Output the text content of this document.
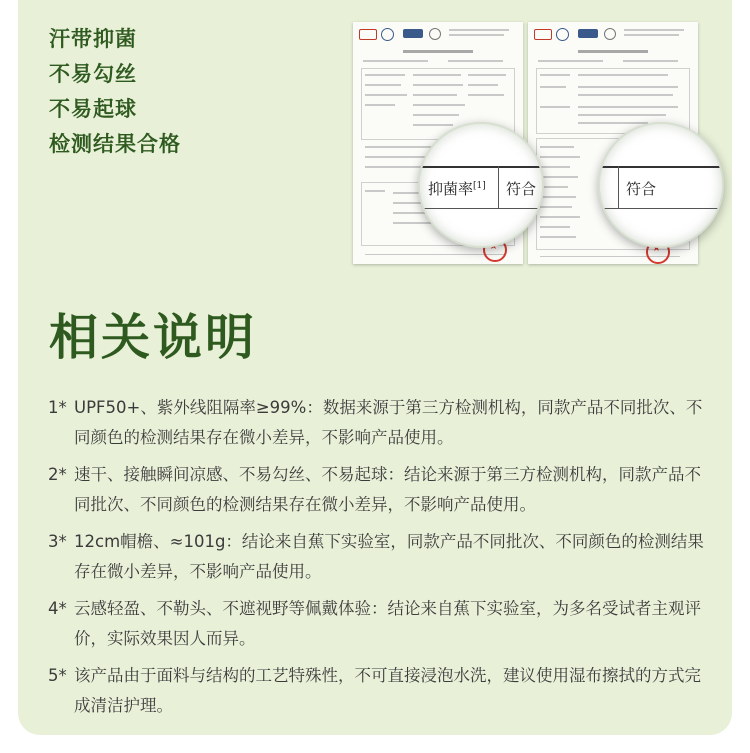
汗带抑菌
不易勾丝
不易起球
检测结果合格
★
★
抑菌率[1] 符合	符合
相关说明
1* UPF50+、紫外线阻隔率≥99%：数据来源于第三方检测机构，同款产品不同批次、不同颜色的检测结果存在微小差异，不影响产品使用。
2* 速干、接触瞬间凉感、不易勾丝、不易起球：结论来源于第三方检测机构，同款产品不同批次、不同颜色的检测结果存在微小差异，不影响产品使用。
3* 12cm帽檐、≈101g：结论来自蕉下实验室，同款产品不同批次、不同颜色的检测结果存在微小差异，不影响产品使用。
4* 云感轻盈、不勒头、不遮视野等佩戴体验：结论来自蕉下实验室，为多名受试者主观评价，实际效果因人而异。
5* 该产品由于面料与结构的工艺特殊性，不可直接浸泡水洗，建议使用湿布擦拭的方式完成清洁护理。
